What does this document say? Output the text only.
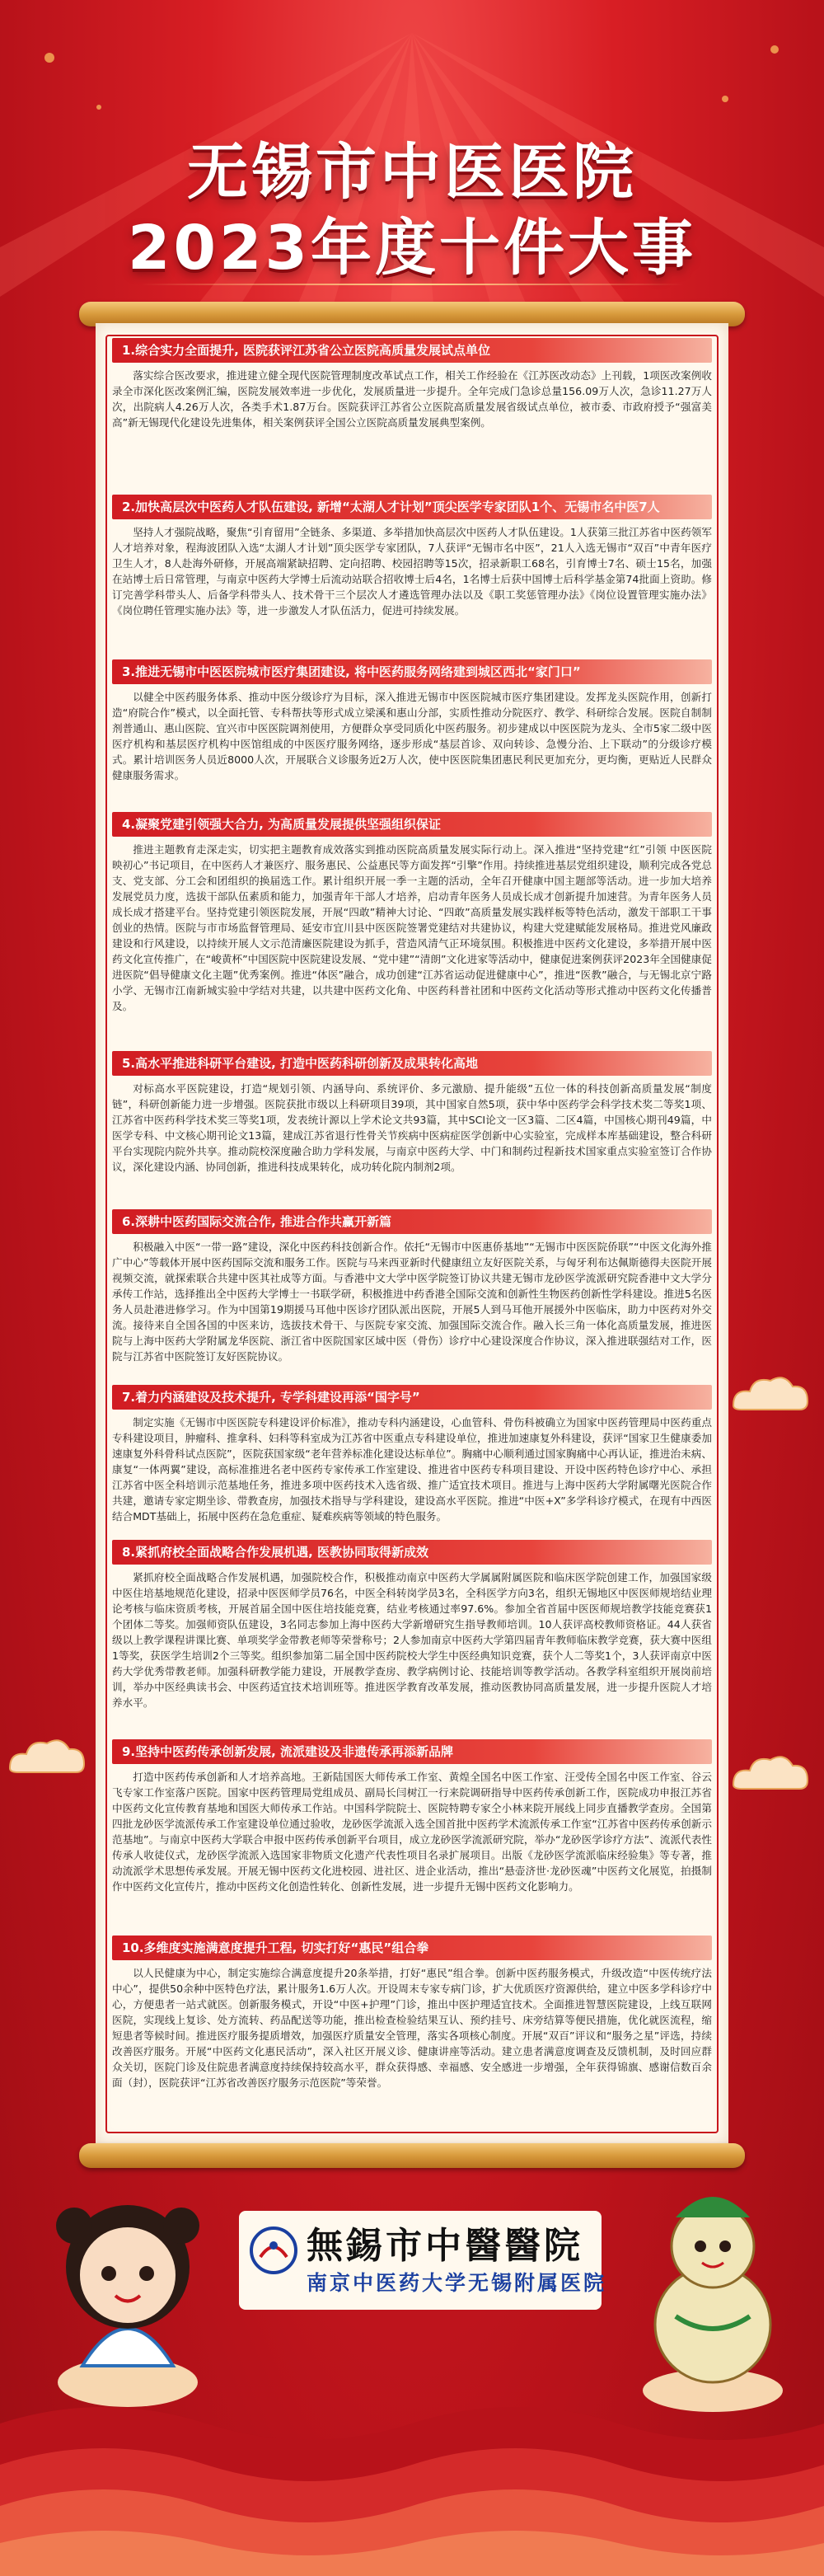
无锡市中医医院
2023年度十件大事
1.综合实力全面提升, 医院获评江苏省公立医院高质量发展试点单位
落实综合医改要求，推进建立健全现代医院管理制度改革试点工作，相关工作经验在《江苏医改动态》上刊载，1项医改案例收录全市深化医改案例汇编，医院发展效率进一步优化，发展质量进一步提升。全年完成门急诊总量156.09万人次，急诊11.27万人次，出院病人4.26万人次，各类手术1.87万台。医院获评江苏省公立医院高质量发展省级试点单位，被市委、市政府授予“强富美高”新无锡现代化建设先进集体，相关案例获评全国公立医院高质量发展典型案例。
2.加快高层次中医药人才队伍建设, 新增“太湖人才计划”顶尖医学专家团队1个、无锡市名中医7人
坚持人才强院战略，聚焦“引育留用”全链条、多渠道、多举措加快高层次中医药人才队伍建设。1人获第三批江苏省中医药领军人才培养对象，程海波团队入选“太湖人才计划”顶尖医学专家团队，7人获评“无锡市名中医”，21人入选无锡市“双百”中青年医疗卫生人才，8人赴海外研修，开展高端紧缺招聘、定向招聘、校园招聘等15次，招录新职工68名，引育博士7名、硕士15名，加强在站博士后日常管理，与南京中医药大学博士后流动站联合招收博士后4名，1名博士后获中国博士后科学基金第74批面上资助。修订完善学科带头人、后备学科带头人、技术骨干三个层次人才遴选管理办法以及《职工奖惩管理办法》《岗位设置管理实施办法》《岗位聘任管理实施办法》等，进一步激发人才队伍活力，促进可持续发展。
3.推进无锡市中医医院城市医疗集团建设, 将中医药服务网络建到城区西北“家门口”
以健全中医药服务体系、推动中医分级诊疗为目标，深入推进无锡市中医医院城市医疗集团建设。发挥龙头医院作用，创新打造“府院合作”模式，以全面托管、专科帮扶等形式成立梁溪和惠山分部，实质性推动分院医疗、教学、科研综合发展。医院自制制剂普通山、惠山医院、宜兴市中医医院调剂使用，方便群众享受同质化中医药服务。初步建成以中医医院为龙头、全市5家二级中医医疗机构和基层医疗机构中医馆组成的中医医疗服务网络，逐步形成“基层首诊、双向转诊、急慢分治、上下联动”的分级诊疗模式。累计培训医务人员近8000人次，开展联合义诊服务近2万人次，使中医医院集团惠民利民更加充分，更均衡，更贴近人民群众健康服务需求。
4.凝聚党建引领强大合力, 为高质量发展提供坚强组织保证
推进主题教育走深走实，切实把主题教育成效落实到推动医院高质量发展实际行动上。深入推进“坚持党建“红”引领 中医医院映初心”书记项目，在中医药人才兼医疗、服务惠民、公益惠民等方面发挥“引擎”作用。持续推进基层党组织建设，顺利完成各党总支、党支部、分工会和团组织的换届选工作。累计组织开展一季一主题的活动，全年召开健康中国主题部等活动。进一步加大培养发展党员力度，选拔干部队伍素质和能力，加强青年干部人才培养，启动青年医务人员成长成才创新提升加速营。为青年医务人员成长成才搭建平台。坚持党建引领医院发展，开展“四敢”精神大讨论、“四敢”高质量发展实践样板等特色活动，激发干部职工干事创业的热情。医院与市市场监督管理局、延安市宜川县中医医院签署党建结对共建协议，构建大党建赋能发展格局。推进党风廉政建设和行风建设，以持续开展人文示范清廉医院建设为抓手，营造风清气正环境氛围。积极推进中医药文化建设，多举措开展中医药文化宣传推广，在“峻黄杯”中国医院中医院建设发展、“党中建”“清朗”文化进家等活动中，健康促进案例获评2023年全国健康促进医院“倡导健康文化主题”优秀案例。推进“体医”融合，成功创建“江苏省运动促进健康中心”，推进“医教”融合，与无锡北京宁路小学、无锡市江南新城实验中学结对共建，以共建中医药文化角、中医药科普社团和中医药文化活动等形式推动中医药文化传播普及。
5.高水平推进科研平台建设, 打造中医药科研创新及成果转化高地
对标高水平医院建设，打造“规划引领、内涵导向、系统评价、多元激励、提升能级”五位一体的科技创新高质量发展“制度链”，科研创新能力进一步增强。医院获批市级以上科研项目39项，其中国家自然5项，获中华中医药学会科学技术奖二等奖1项、江苏省中医药科学技术奖三等奖1项，发表统计源以上学术论文共93篇，其中SCI论文一区3篇、二区4篇，中国核心期刊49篇，中医学专科、中文核心期刊论文13篇，建成江苏省退行性骨关节疾病中医病症医学创新中心实验室，完成样本库基础建设，整合科研平台实现院内院外共享。推动院校深度融合助力学科发展，与南京中医药大学、中门和制药过程新技术国家重点实验室签订合作协议，深化建设内涵、协同创新，推进科技成果转化，成功转化院内制剂2项。
6.深耕中医药国际交流合作, 推进合作共赢开新篇
积极融入中医“一带一路”建设，深化中医药科技创新合作。依托“无锡市中医惠侨基地”“无锡市中医医院侨联”“中医文化海外推广中心”等载体开展中医药国际交流和服务工作。医院与马来西亚新时代健康纽立友好医院关系，与匈牙利布达佩斯德得夫医院开展视频交流，就探索联合共建中医其社成等方面。与香港中文大学中医学院签订协议共建无锡市龙砂医学流派研究院香港中文大学分承传工作站，选择推出全中医药大学博士一书联学研，积极推进中药香港全国际交流和创新性生物医药创新性学科建设。推进5名医务人员赴港进修学习。作为中国第19期援马耳他中医诊疗团队派出医院，开展5人到马耳他开展援外中医临床，助力中医药对外交流。接待来自全国各国的中医来访，选拔技术骨干、与医院专家交流、加强国际交流合作。融入长三角一体化高质量发展，推进医院与上海中医药大学附属龙华医院、浙江省中医院国家区域中医（骨伤）诊疗中心建设深度合作协议，深入推进联强结对工作，医院与江苏省中医院签订友好医院协议。
7.着力内涵建设及技术提升, 专学科建设再添“国字号”
制定实施《无锡市中医医院专科建设评价标准》，推动专科内涵建设，心血管科、骨伤科被确立为国家中医药管理局中医药重点专科建设项目，肿瘤科、推拿科、妇科等科室成为江苏省中医重点专科建设单位，推进加速康复外科建设，获评“国家卫生健康委加速康复外科骨科试点医院”，医院获国家级“老年营养标准化建设达标单位”。胸痛中心顺利通过国家胸痛中心再认证，推进治未病、康复“一体两翼”建设，高标准推进名老中医药专家传承工作室建设、推进省中医药专科项目建设、开设中医药特色诊疗中心、承担江苏省中医全科培训示范基地任务，推进多项中医药技术入选省级、推广适宜技术项目。推进与上海中医药大学附属曙光医院合作共建，邀请专家定期坐诊、带教查房，加强技术指导与学科建设，建设高水平医院。推进“中医+X”多学科诊疗模式，在现有中西医结合MDT基础上，拓展中医药在急危重症、疑难疾病等领域的特色服务。
8.紧抓府校全面战略合作发展机遇, 医教协同取得新成效
紧抓府校全面战略合作发展机遇，加强院校合作，积极推动南京中医药大学属属附属医院和临床医学院创建工作，加强国家级中医住培基地规范化建设，招录中医医师学员76名，中医全科转岗学员3名，全科医学方向3名，组织无锡地区中医医师规培结业理论考核与临床资质考核，开展首届全国中医住培技能竞赛，结业考核通过率97.6%。参加全省首届中医医师规培教学技能竞赛获1个团体二等奖。加强师资队伍建设，3名同志参加上海中医药大学新增研究生指导教师培训。10人获评高校教师资格证。44人获省级以上教学课程讲课比赛、单项奖学金带教老师等荣誉称号；2人参加南京中医药大学第四届青年教师临床教学竞赛，获大赛中医组1等奖，获医学生培训2个三等奖。组织参加第二届全国中医药院校大学生中医经典知识竞赛，获个人二等奖1个，3人获评南京中医药大学优秀带教老师。加强科研教学能力建设，开展教学查房、教学病例讨论、技能培训等教学活动。各教学科室组织开展岗前培训，举办中医经典读书会、中医药适宜技术培训班等。推进医学教育改革发展，推动医教协同高质量发展，进一步提升医院人才培养水平。
9.坚持中医药传承创新发展, 流派建设及非遗传承再添新品牌
打造中医药传承创新和人才培养高地。王新陆国医大师传承工作室、黄煌全国名中医工作室、汪受传全国名中医工作室、谷云飞专家工作室落户医院。国家中医药管理局党组成员、副局长闫树江一行来院调研指导中医药传承创新工作，医院成功申报江苏省中医药文化宣传教育基地和国医大师传承工作站。中国科学院院士、医院特聘专家仝小林来院开展线上同步直播教学查房。全国第四批龙砂医学流派传承工作室建设单位通过验收，龙砂医学流派入选全国首批中医药学术流派传承工作室“江苏省中医药传承创新示范基地”。与南京中医药大学联合申报中医药传承创新平台项目，成立龙砂医学流派研究院，举办“龙砂医学诊疗方法”、流派代表性传承人收徒仪式，龙砂医学流派入选国家非物质文化遗产代表性项目名录扩展项目。出版《龙砂医学流派临床经验集》等专著，推动流派学术思想传承发展。开展无锡中医药文化进校园、进社区、进企业活动，推出“悬壶济世·龙砂医魂”中医药文化展览，拍摄制作中医药文化宣传片，推动中医药文化创造性转化、创新性发展，进一步提升无锡中医药文化影响力。
10.多维度实施满意度提升工程, 切实打好“惠民”组合拳
以人民健康为中心，制定实施综合满意度提升20条举措，打好“惠民”组合拳。创新中医药服务模式，升级改造“中医传统疗法中心”，提供50余种中医特色疗法，累计服务1.6万人次。开设周末专家专病门诊，扩大优质医疗资源供给，建立中医多学科诊疗中心，方便患者一站式就医。创新服务模式，开设“中医+护理”门诊，推出中医护理适宜技术。全面推进智慧医院建设，上线互联网医院，实现线上复诊、处方流转、药品配送等功能，推出检查检验结果互认、预约挂号、床旁结算等便民措施，优化就医流程，缩短患者等候时间。推进医疗服务提质增效，加强医疗质量安全管理，落实各项核心制度。开展“双百”评议和“服务之星”评选，持续改善医疗服务。开展“中医药文化惠民活动”，深入社区开展义诊、健康讲座等活动。建立患者满意度调查及反馈机制，及时回应群众关切，医院门诊及住院患者满意度持续保持较高水平，群众获得感、幸福感、安全感进一步增强，全年获得锦旗、感谢信数百余面（封），医院获评“江苏省改善医疗服务示范医院”等荣誉。
無錫市中醫醫院
南京中医药大学无锡附属医院
